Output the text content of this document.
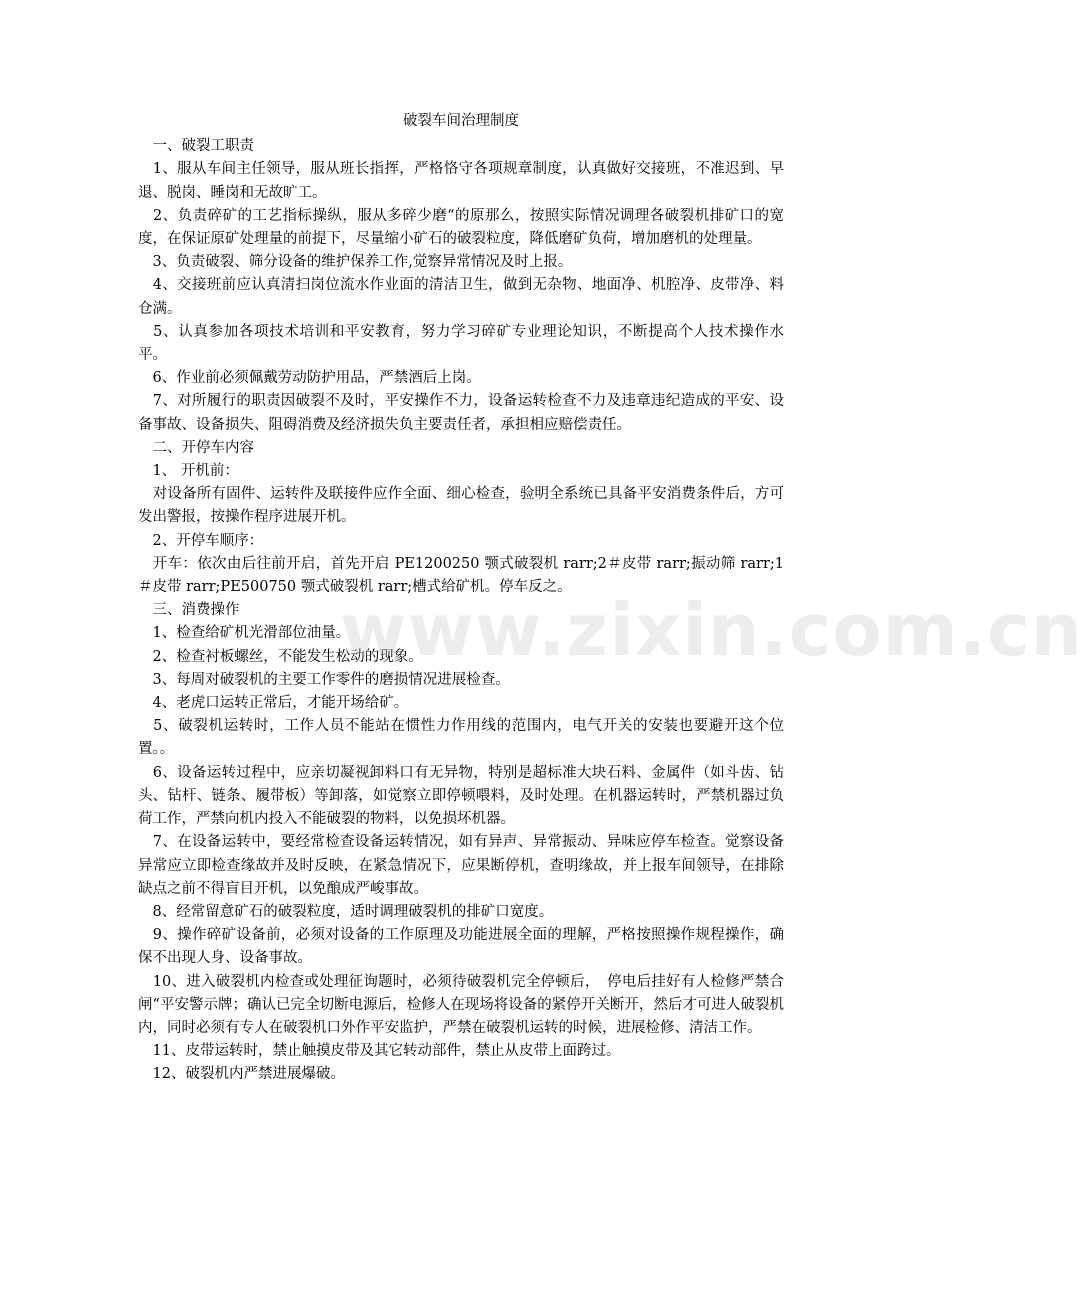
破裂车间治理制度

　一、破裂工职责

　1、服从车间主任领导，服从班长指挥，严格恪守各项规章制度，认真做好交接班，不准迟到、早退、脱岗、睡岗和无故旷工。

　2、负责碎矿的工艺指标操纵，服从多碎少磨“的原那么，按照实际情况调理各破裂机排矿口的宽度，在保证原矿处理量的前提下，尽量缩小矿石的破裂粒度，降低磨矿负荷，增加磨机的处理量。

　3、负责破裂、筛分设备的维护保养工作,觉察异常情况及时上报。

　4、交接班前应认真清扫岗位流水作业面的清洁卫生，做到无杂物、地面净、机腔净、皮带净、料仓满。

　5、认真参加各项技术培训和平安教育，努力学习碎矿专业理论知识，不断提高个人技术操作水平。

　6、作业前必须佩戴劳动防护用品，严禁酒后上岗。

　7、对所履行的职责因破裂不及时，平安操作不力，设备运转检查不力及违章违纪造成的平安、设备事故、设备损失、阻碍消费及经济损失负主要责任者，承担相应赔偿责任。

　二、开停车内容

　1、 开机前：

　对设备所有固件、运转件及联接件应作全面、细心检查，验明全系统已具备平安消费条件后，方可发出警报，按操作程序进展开机。

　2、开停车顺序：

　开车：依次由后往前开启，首先开启 PE1200250 颚式破裂机 rarr;2＃皮带 rarr;振动筛 rarr;1＃皮带 rarr;PE500750 颚式破裂机 rarr;槽式给矿机。停车反之。

　三、消费操作

　1、检查给矿机光滑部位油量。

　2、检查衬板螺丝，不能发生松动的现象。

　3、每周对破裂机的主要工作零件的磨损情况进展检查。

　4、老虎口运转正常后，才能开场给矿。

　5、破裂机运转时，工作人员不能站在惯性力作用线的范围内，电气开关的安装也要避开这个位置。。

　6、设备运转过程中，应亲切凝视卸料口有无异物，特别是超标准大块石料、金属件（如斗齿、钻头、钻杆、链条、履带板）等卸落，如觉察立即停顿喂料，及时处理。在机器运转时，严禁机器过负荷工作，严禁向机内投入不能破裂的物料，以免损坏机器。

　7、在设备运转中，要经常检查设备运转情况，如有异声、异常振动、异味应停车检查。觉察设备异常应立即检查缘故并及时反映，在紧急情况下，应果断停机，查明缘故，并上报车间领导，在排除缺点之前不得盲目开机，以免酿成严峻事故。

　8、经常留意矿石的破裂粒度，适时调理破裂机的排矿口宽度。

　9、操作碎矿设备前，必须对设备的工作原理及功能进展全面的理解，严格按照操作规程操作，确保不出现人身、设备事故。

　10、进入破裂机内检查或处理征询题时，必须待破裂机完全停顿后，　停电后挂好有人检修严禁合闸“平安警示牌；确认已完全切断电源后，检修人在现场将设备的紧停开关断开，然后才可进人破裂机内，同时必须有专人在破裂机口外作平安监护，严禁在破裂机运转的时候，进展检修、清洁工作。

　11、皮带运转时，禁止触摸皮带及其它转动部件，禁止从皮带上面跨过。

　12、破裂机内严禁进展爆破。

www.zixin.com.cn
